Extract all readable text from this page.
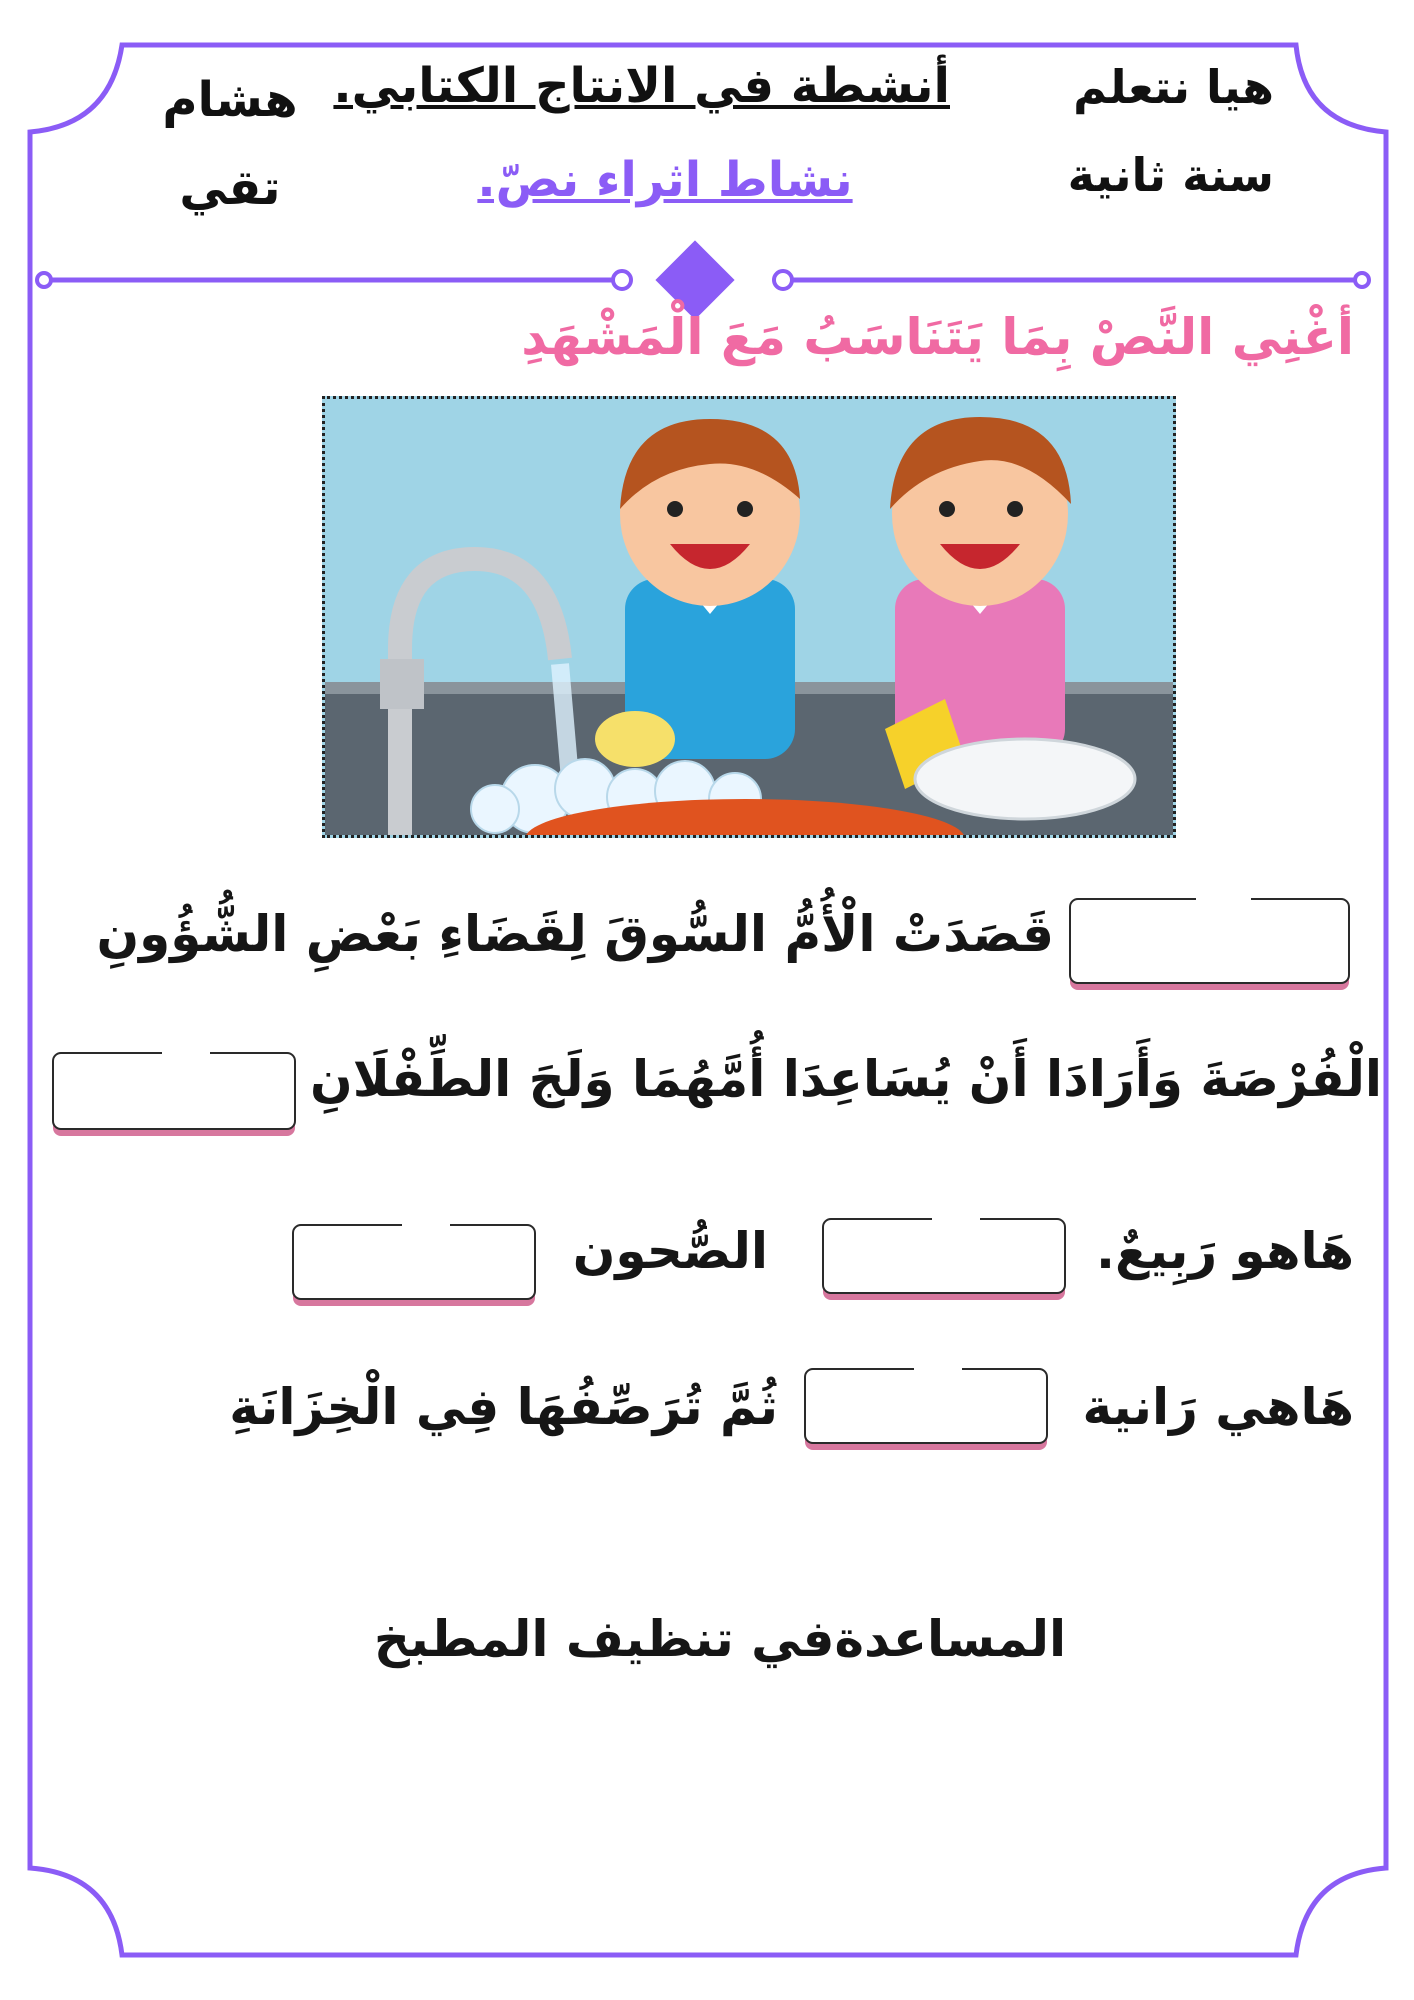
هيا نتعلم
سنة ثانية
أنشطة في الانتاج الكتابي.
نشاط اثراء نصّ.
هشام
تقي
أغْنِي النَّصْ بِمَا يَتَنَاسَبُ مَعَ الْمَشْهَدِ
قَصَدَتْ الْأُمُّ السُّوقَ لِقَضَاءِ بَعْضِ الشُّؤُونِ
الْفُرْصَةَ وَأَرَادَا أَنْ يُسَاعِدَا أُمَّهُمَا وَلَجَ الطِّفْلَانِ
هَاهو رَبِيعٌ.
الصُّحون
هَاهي رَانية
ثُمَّ تُرَصِّفُهَا فِي الْخِزَانَةِ
المساعدةفي تنظيف المطبخ
